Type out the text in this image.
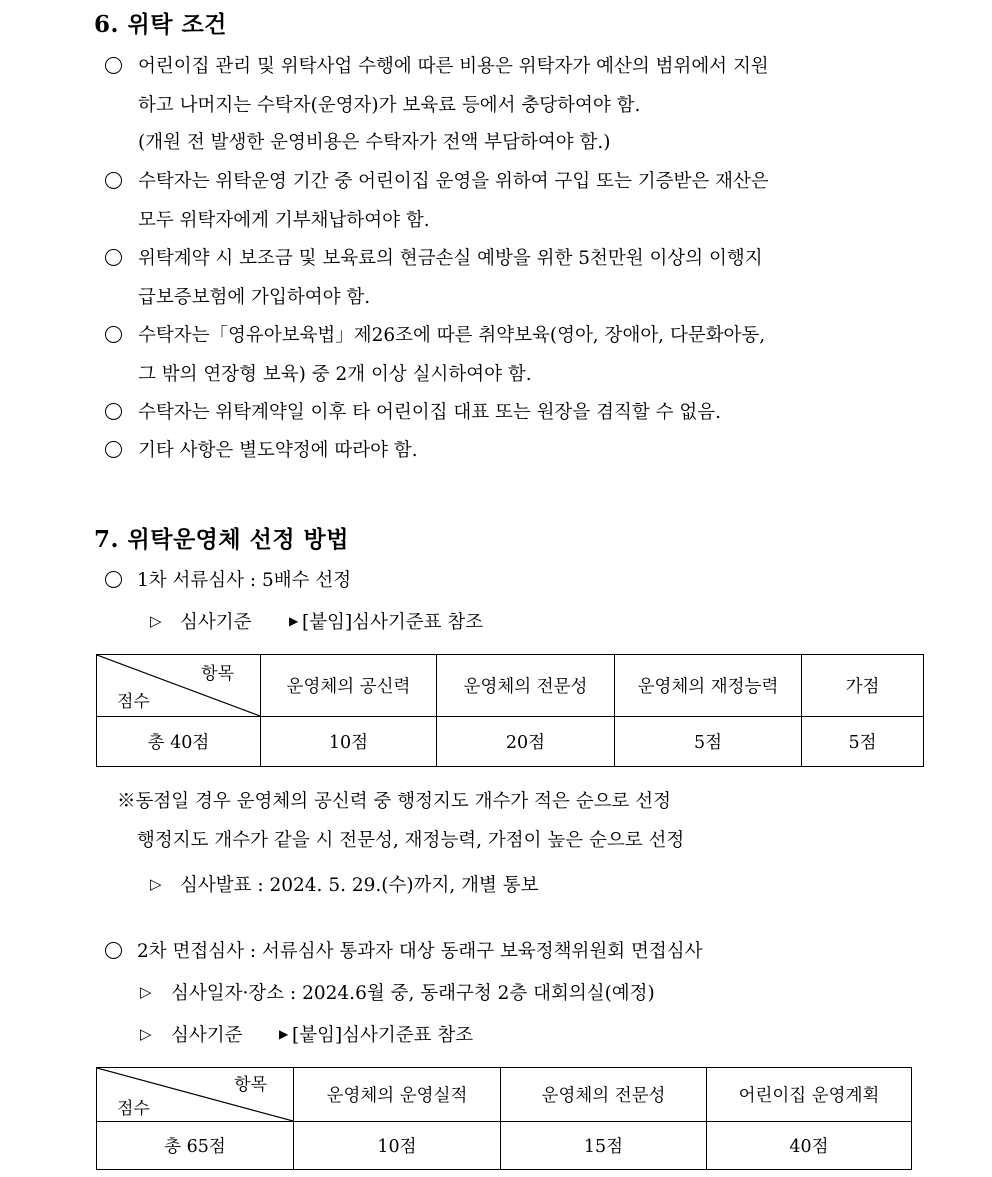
6. 위탁 조건
어린이집 관리 및 위탁사업 수행에 따른 비용은 위탁자가 예산의 범위에서 지원
하고 나머지는 수탁자(운영자)가 보육료 등에서 충당하여야 함.
(개원 전 발생한 운영비용은 수탁자가 전액 부담하여야 함.)
수탁자는 위탁운영 기간 중 어린이집 운영을 위하여 구입 또는 기증받은 재산은
모두 위탁자에게 기부채납하여야 함.
위탁계약 시 보조금 및 보육료의 현금손실 예방을 위한 5천만원 이상의 이행지
급보증보험에 가입하여야 함.
수탁자는「영유아보육법」제26조에 따른 취약보육(영아, 장애아, 다문화아동,
그 밖의 연장형 보육) 중 2개 이상 실시하여야 함.
수탁자는 위탁계약일 이후 타 어린이집 대표 또는 원장을 겸직할 수 없음.
기타 사항은 별도약정에 따라야 함.
7. 위탁운영체 선정 방법
1차 서류심사 : 5배수 선정
▷ 심사기준	▶ [붙임]심사기준표 참조
항목
점수	운영체의 공신력	운영체의 전문성	운영체의 재정능력	가점
총 40점	10점	20점	5점	5점
※동점일 경우 운영체의 공신력 중 행정지도 개수가 적은 순으로 선정
행정지도 개수가 같을 시 전문성, 재정능력, 가점이 높은 순으로 선정
▷ 심사발표 : 2024. 5. 29.(수)까지, 개별 통보
2차 면접심사 : 서류심사 통과자 대상 동래구 보육정책위원회 면접심사
▷ 심사일자·장소 : 2024.6월 중, 동래구청 2층 대회의실(예정)
▷ 심사기준	▶ [붙임]심사기준표 참조
항목
점수	운영체의 운영실적	운영체의 전문성	어린이집 운영계획
총 65점	10점	15점	40점
